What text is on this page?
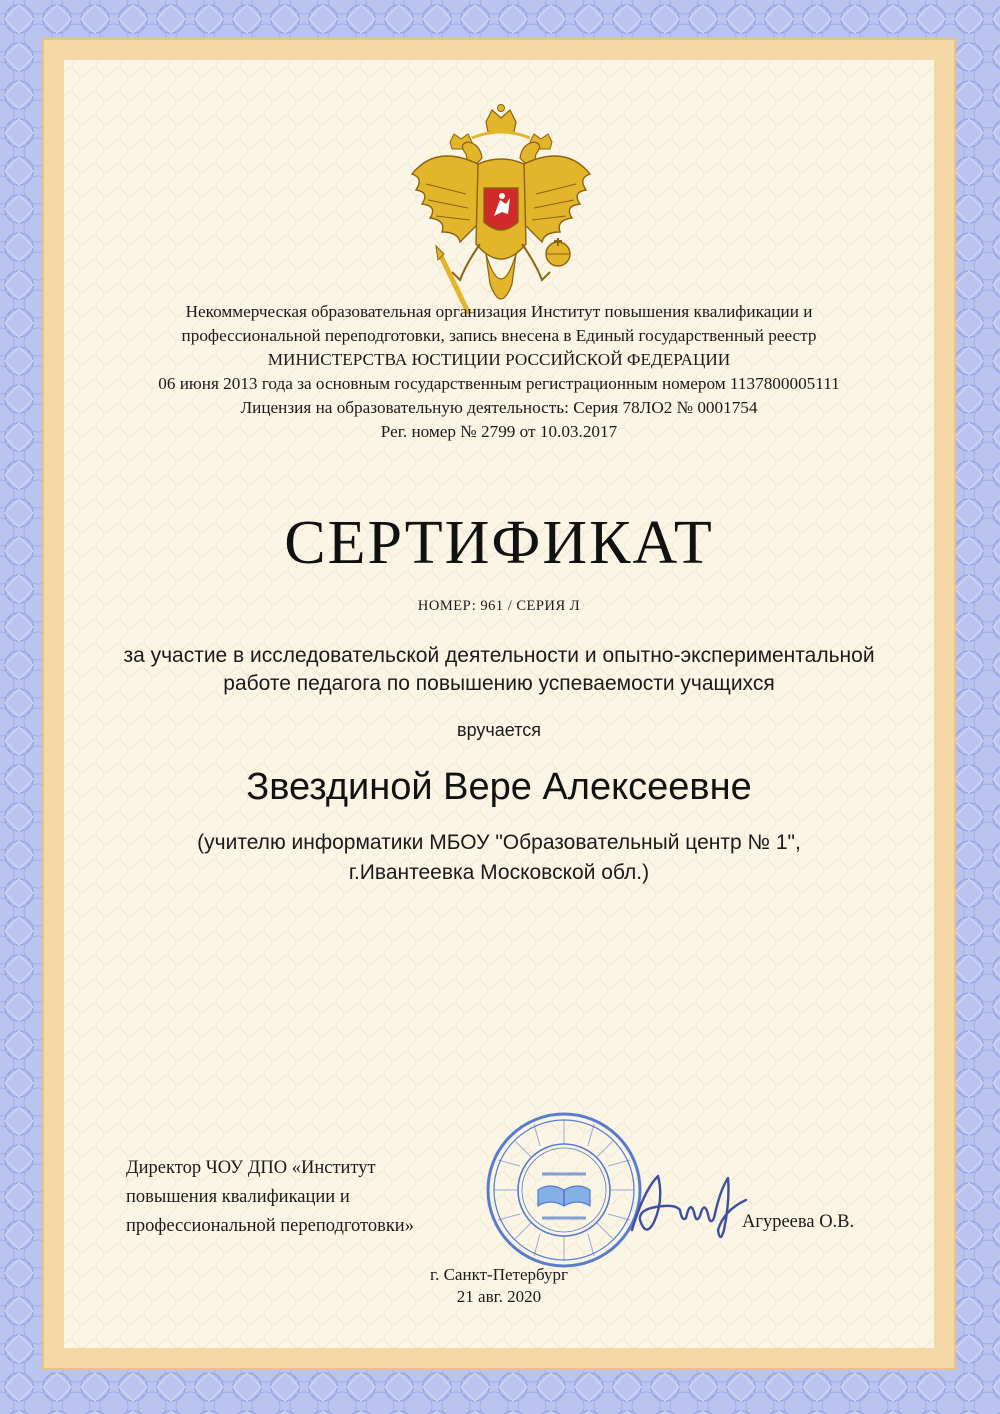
Некоммерческая образовательная организация Институт повышения квалификации и
профессиональной переподготовки, запись внесена в Единый государственный реестр
МИНИСТЕРСТВА ЮСТИЦИИ РОССИЙСКОЙ ФЕДЕРАЦИИ
06 июня 2013 года за основным государственным регистрационным номером 1137800005111
Лицензия на образовательную деятельность: Серия 78ЛО2 № 0001754
Рег. номер № 2799 от 10.03.2017
СЕРТИФИКАТ
НОМЕР: 961 / СЕРИЯ Л
за участие в исследовательской деятельности и опытно-экспериментальной
работе педагога по повышению успеваемости учащихся
вручается
Звездиной Вере Алексеевне
(учителю информатики МБОУ "Образовательный центр № 1",
г.Ивантеевка Московской обл.)
Директор ЧОУ ДПО «Институт
повышения квалификации и
профессиональной переподготовки»	Агуреева О.В.
г. Санкт-Петербург
21 авг. 2020
